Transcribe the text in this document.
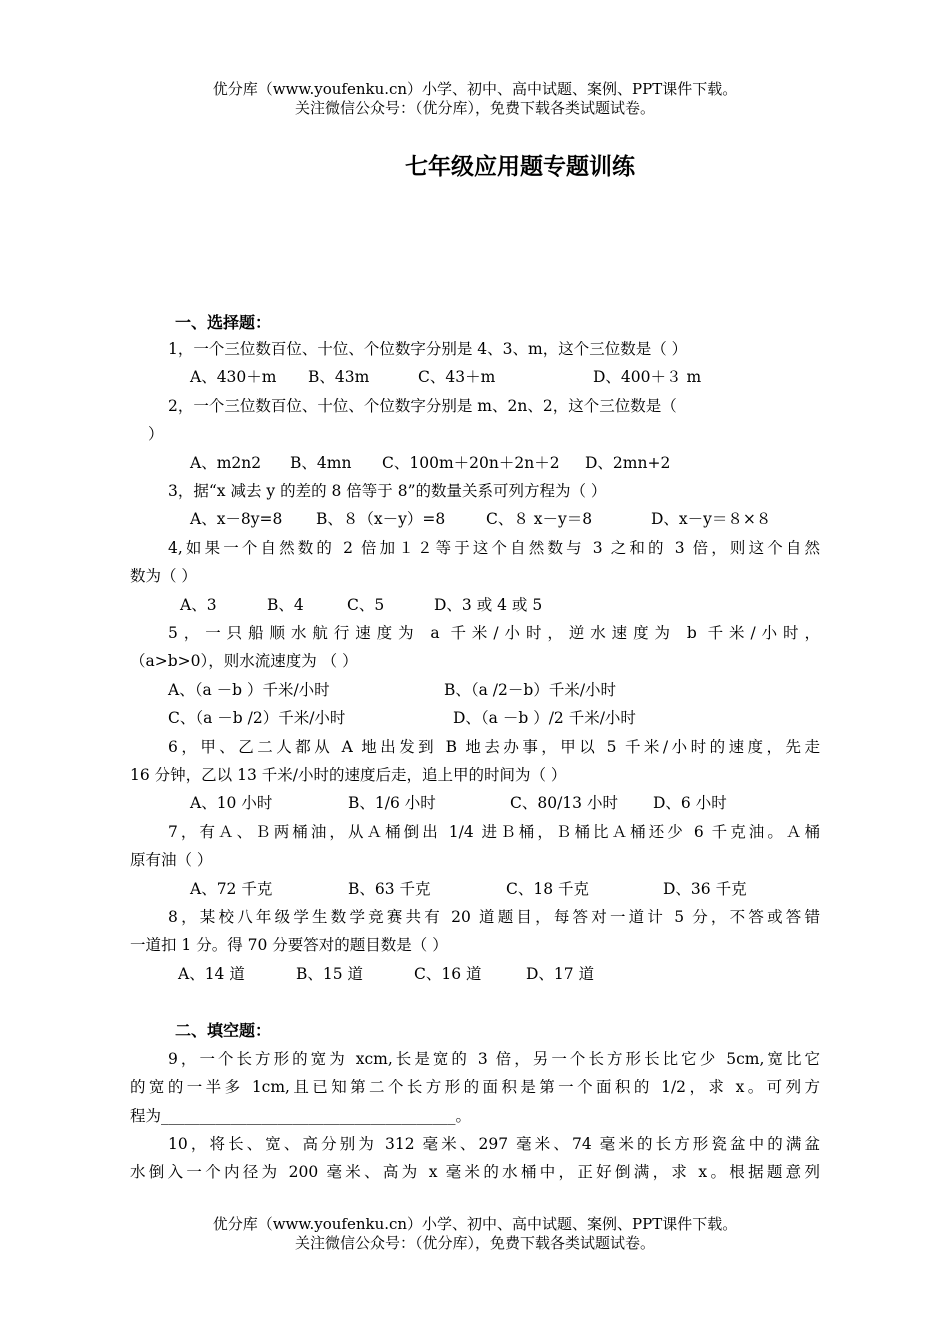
优分库（www.youfenku.cn）小学、初中、高中试题、案例、PPT课件下载。
关注微信公众号：（优分库），免费下载各类试题试卷。
七年级应用题专题训练
一、选择题：
1，一个三位数百位、十位、个位数字分别是 4、3、m，这个三位数是（ ）
A、430＋m B、43m	C、43＋m	D、400＋３ m
2，一个三位数百位、十位、个位数字分别是 m、2n、2，这个三位数是（
）
A、m2n2 B、4mn C、100m＋20n＋2n＋2 D、2mn+2
3，据“x 减去 y 的差的 8 倍等于 8”的数量关系可列方程为（ ）
A、x－8y=8 B、８（x－y）=8	C、８ x－y＝8	D、x－y＝８×８
4,如果一个自然数的 2 倍加１２等于这个自然数与 3 之和的 3 倍，则这个自然
数为（ ）
A、3	B、4	C、5	D、3 或 4 或 5
5，一只船顺水航行速度为 a 千米/小时，逆水速度为 b 千米/小时，
（a>b>0），则水流速度为 （ ）
A、（a －b ）千米/小时	B、（a /2－b）千米/小时
C、（a －b /2）千米/小时	D、（a －b ）/2 千米/小时
6，甲、乙二人都从 A 地出发到 B 地去办事，甲以 5 千米/小时的速度，先走
16 分钟，乙以 13 千米/小时的速度后走，追上甲的时间为（ ）
A、10 小时	B、1/6 小时	C、80/13 小时 D、6 小时
7，有Ａ、Ｂ两桶油，从Ａ桶倒出 1/4 进Ｂ桶，Ｂ桶比Ａ桶还少 6 千克油。Ａ桶
原有油（ ）
A、72 千克	B、63 千克	C、18 千克	D、36 千克
8，某校八年级学生数学竞赛共有 20 道题目，每答对一道计 5 分，不答或答错
一道扣 1 分。得 70 分要答对的题目数是（ ）
A、14 道	B、15 道	C、16 道	D、17 道
二、填空题：
9，一个长方形的宽为 xcm,长是宽的 3 倍，另一个长方形长比它少 5cm,宽比它
的宽的一半多 1cm,且已知第二个长方形的面积是第一个面积的 1/2，求 x。可列方
程为______________________________________。
10，将长、宽、高分别为 312 毫米、297 毫米、74 毫米的长方形瓷盆中的满盆
水倒入一个内径为 200 毫米、高为 x 毫米的水桶中，正好倒满，求 x。根据题意列
优分库（www.youfenku.cn）小学、初中、高中试题、案例、PPT课件下载。
关注微信公众号：（优分库），免费下载各类试题试卷。
